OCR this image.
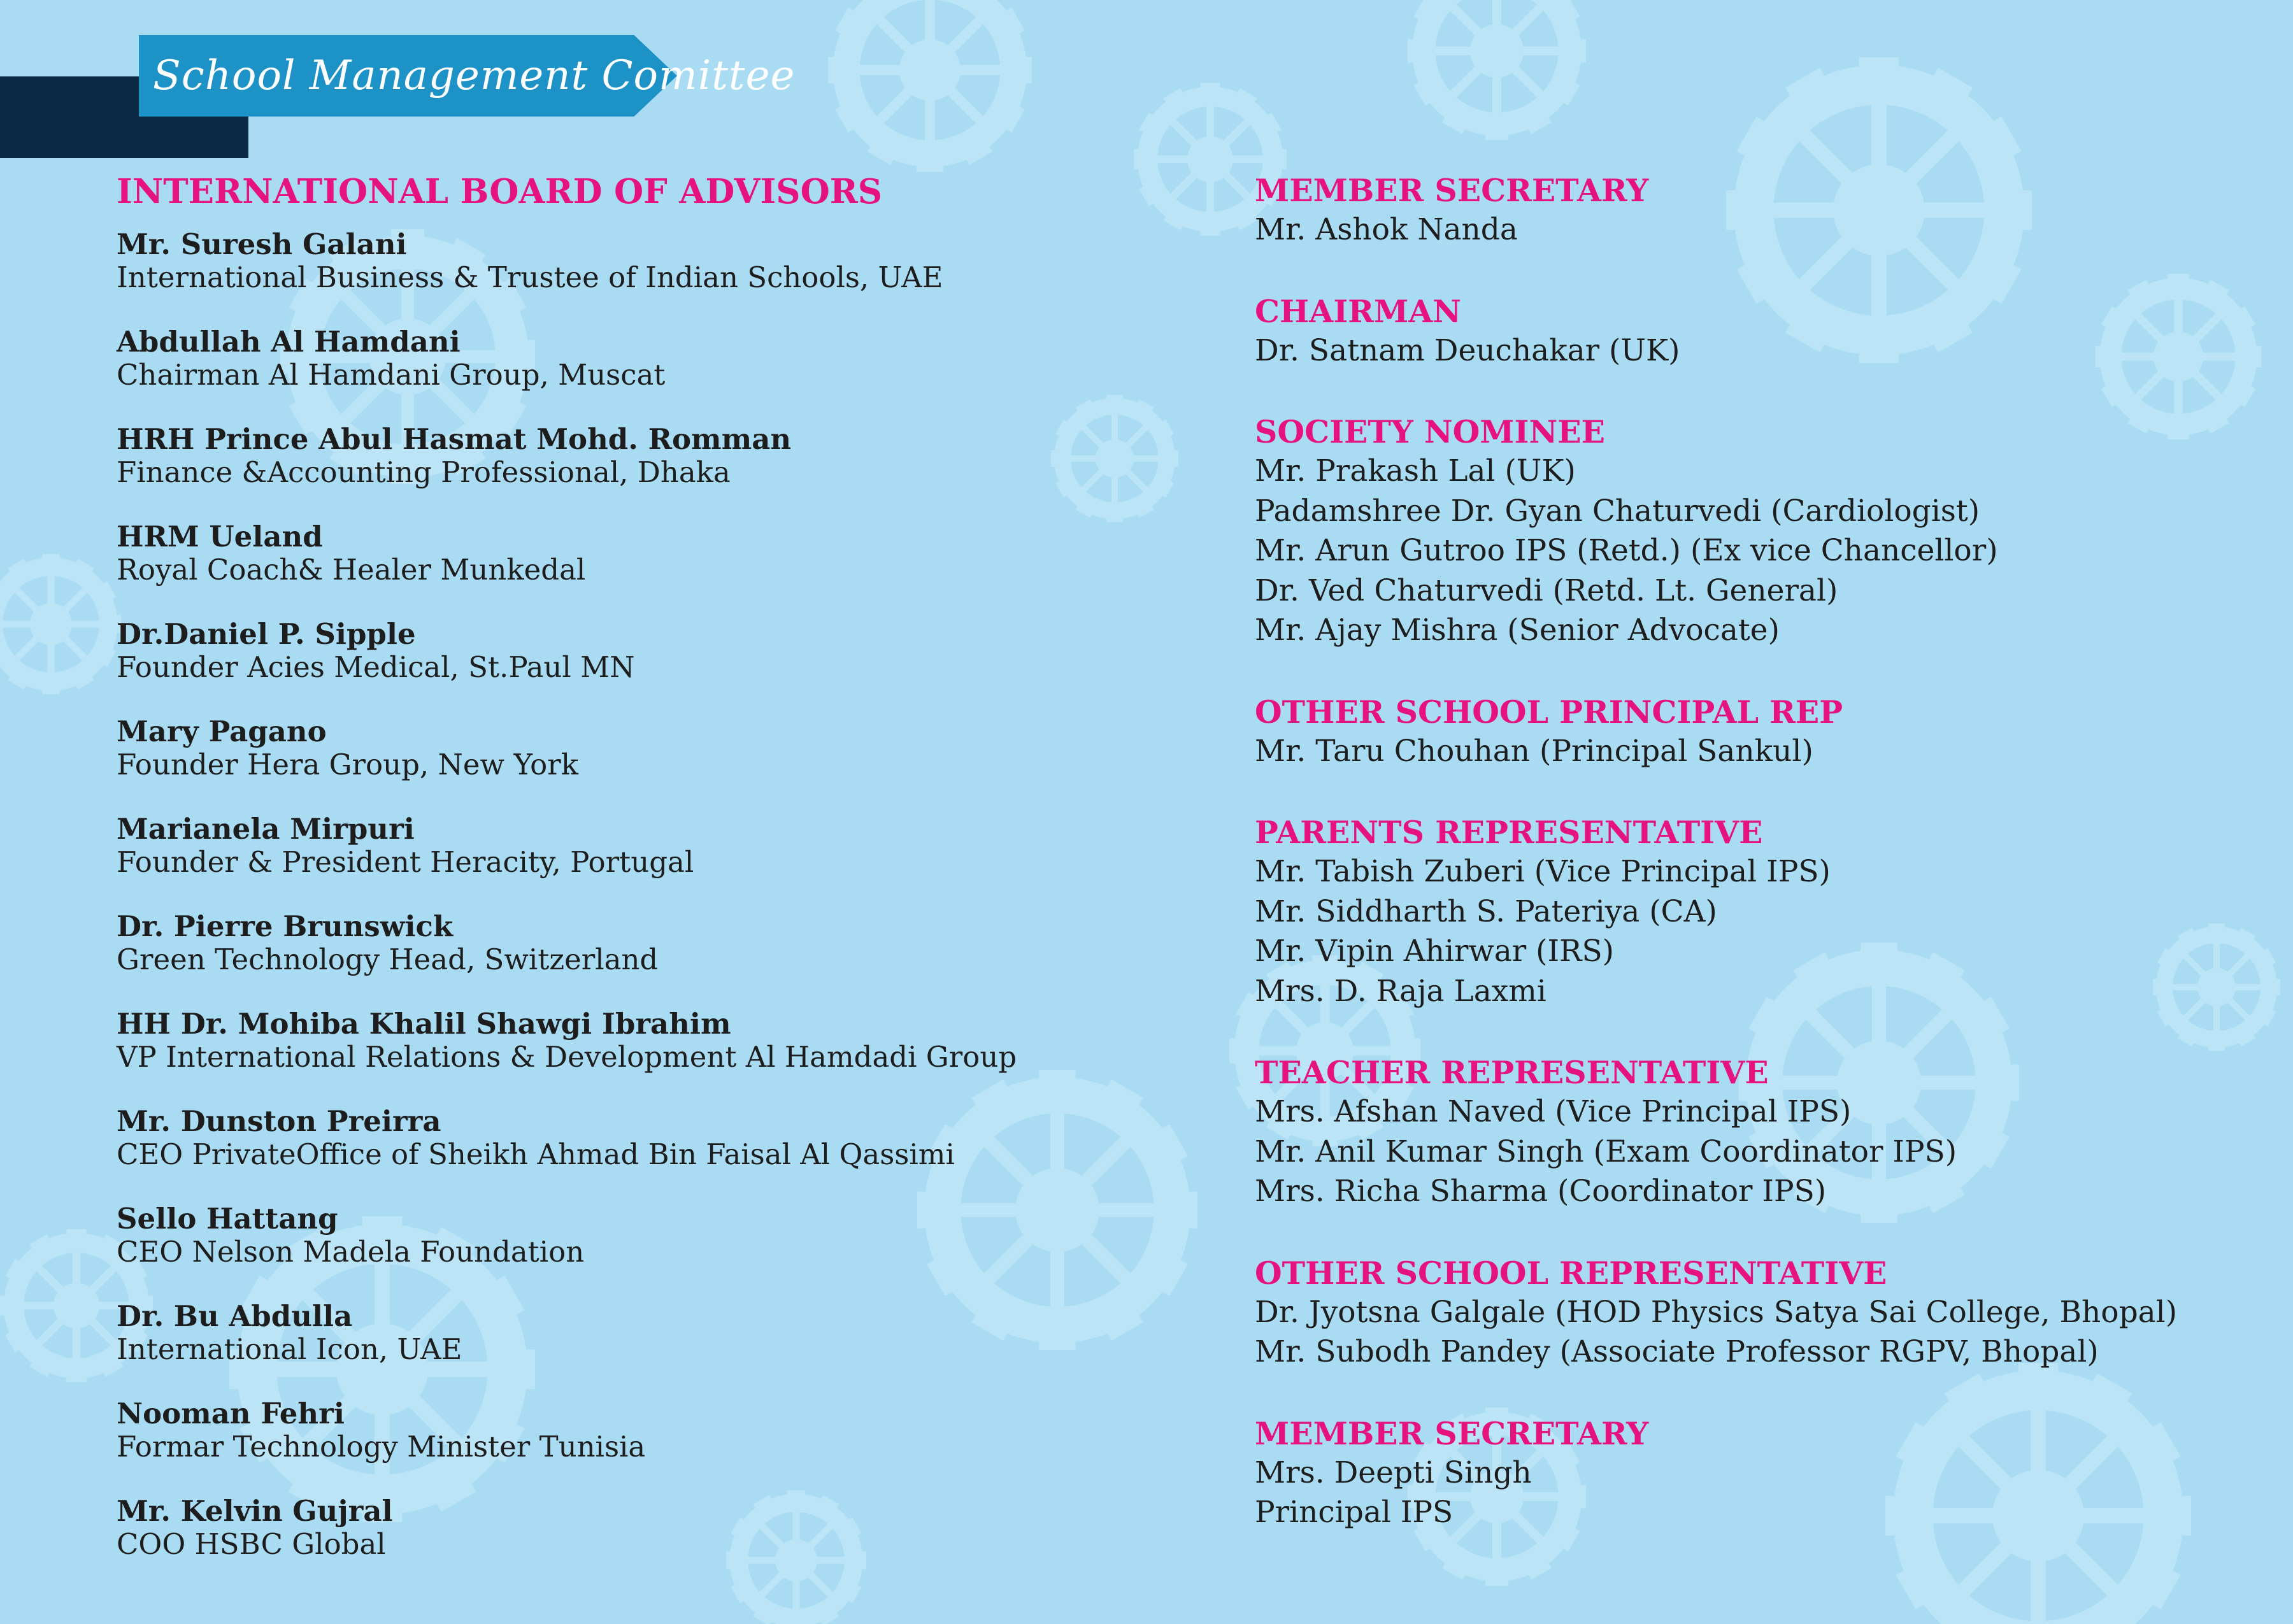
School Management Comittee
INTERNATIONAL BOARD OF ADVISORS
Mr. Suresh Galani
International Business & Trustee of Indian Schools, UAE
Abdullah Al Hamdani
Chairman Al Hamdani Group, Muscat
HRH Prince Abul Hasmat Mohd. Romman
Finance &Accounting Professional, Dhaka
HRM Ueland
Royal Coach& Healer Munkedal
Dr.Daniel P. Sipple
Founder Acies Medical, St.Paul MN
Mary Pagano
Founder Hera Group, New York
Marianela Mirpuri
Founder & President Heracity, Portugal
Dr. Pierre Brunswick
Green Technology Head, Switzerland
HH Dr. Mohiba Khalil Shawgi Ibrahim
VP International Relations & Development Al Hamdadi Group
Mr. Dunston Preirra
CEO PrivateOffice of Sheikh Ahmad Bin Faisal Al Qassimi
Sello Hattang
CEO Nelson Madela Foundation
Dr. Bu Abdulla
International Icon, UAE
Nooman Fehri
Formar Technology Minister Tunisia
Mr. Kelvin Gujral
COO HSBC Global
MEMBER SECRETARY
Mr. Ashok Nanda
CHAIRMAN
Dr. Satnam Deuchakar (UK)
SOCIETY NOMINEE
Mr. Prakash Lal (UK)
Padamshree Dr. Gyan Chaturvedi (Cardiologist)
Mr. Arun Gutroo IPS (Retd.) (Ex vice Chancellor)
Dr. Ved Chaturvedi (Retd. Lt. General)
Mr. Ajay Mishra (Senior Advocate)
OTHER SCHOOL PRINCIPAL REP
Mr. Taru Chouhan (Principal Sankul)
PARENTS REPRESENTATIVE
Mr. Tabish Zuberi (Vice Principal IPS)
Mr. Siddharth S. Pateriya (CA)
Mr. Vipin Ahirwar (IRS)
Mrs. D. Raja Laxmi
TEACHER REPRESENTATIVE
Mrs. Afshan Naved (Vice Principal IPS)
Mr. Anil Kumar Singh (Exam Coordinator IPS)
Mrs. Richa Sharma (Coordinator IPS)
OTHER SCHOOL REPRESENTATIVE
Dr. Jyotsna Galgale (HOD Physics Satya Sai College, Bhopal)
Mr. Subodh Pandey (Associate Professor RGPV, Bhopal)
MEMBER SECRETARY
Mrs. Deepti Singh
Principal IPS
